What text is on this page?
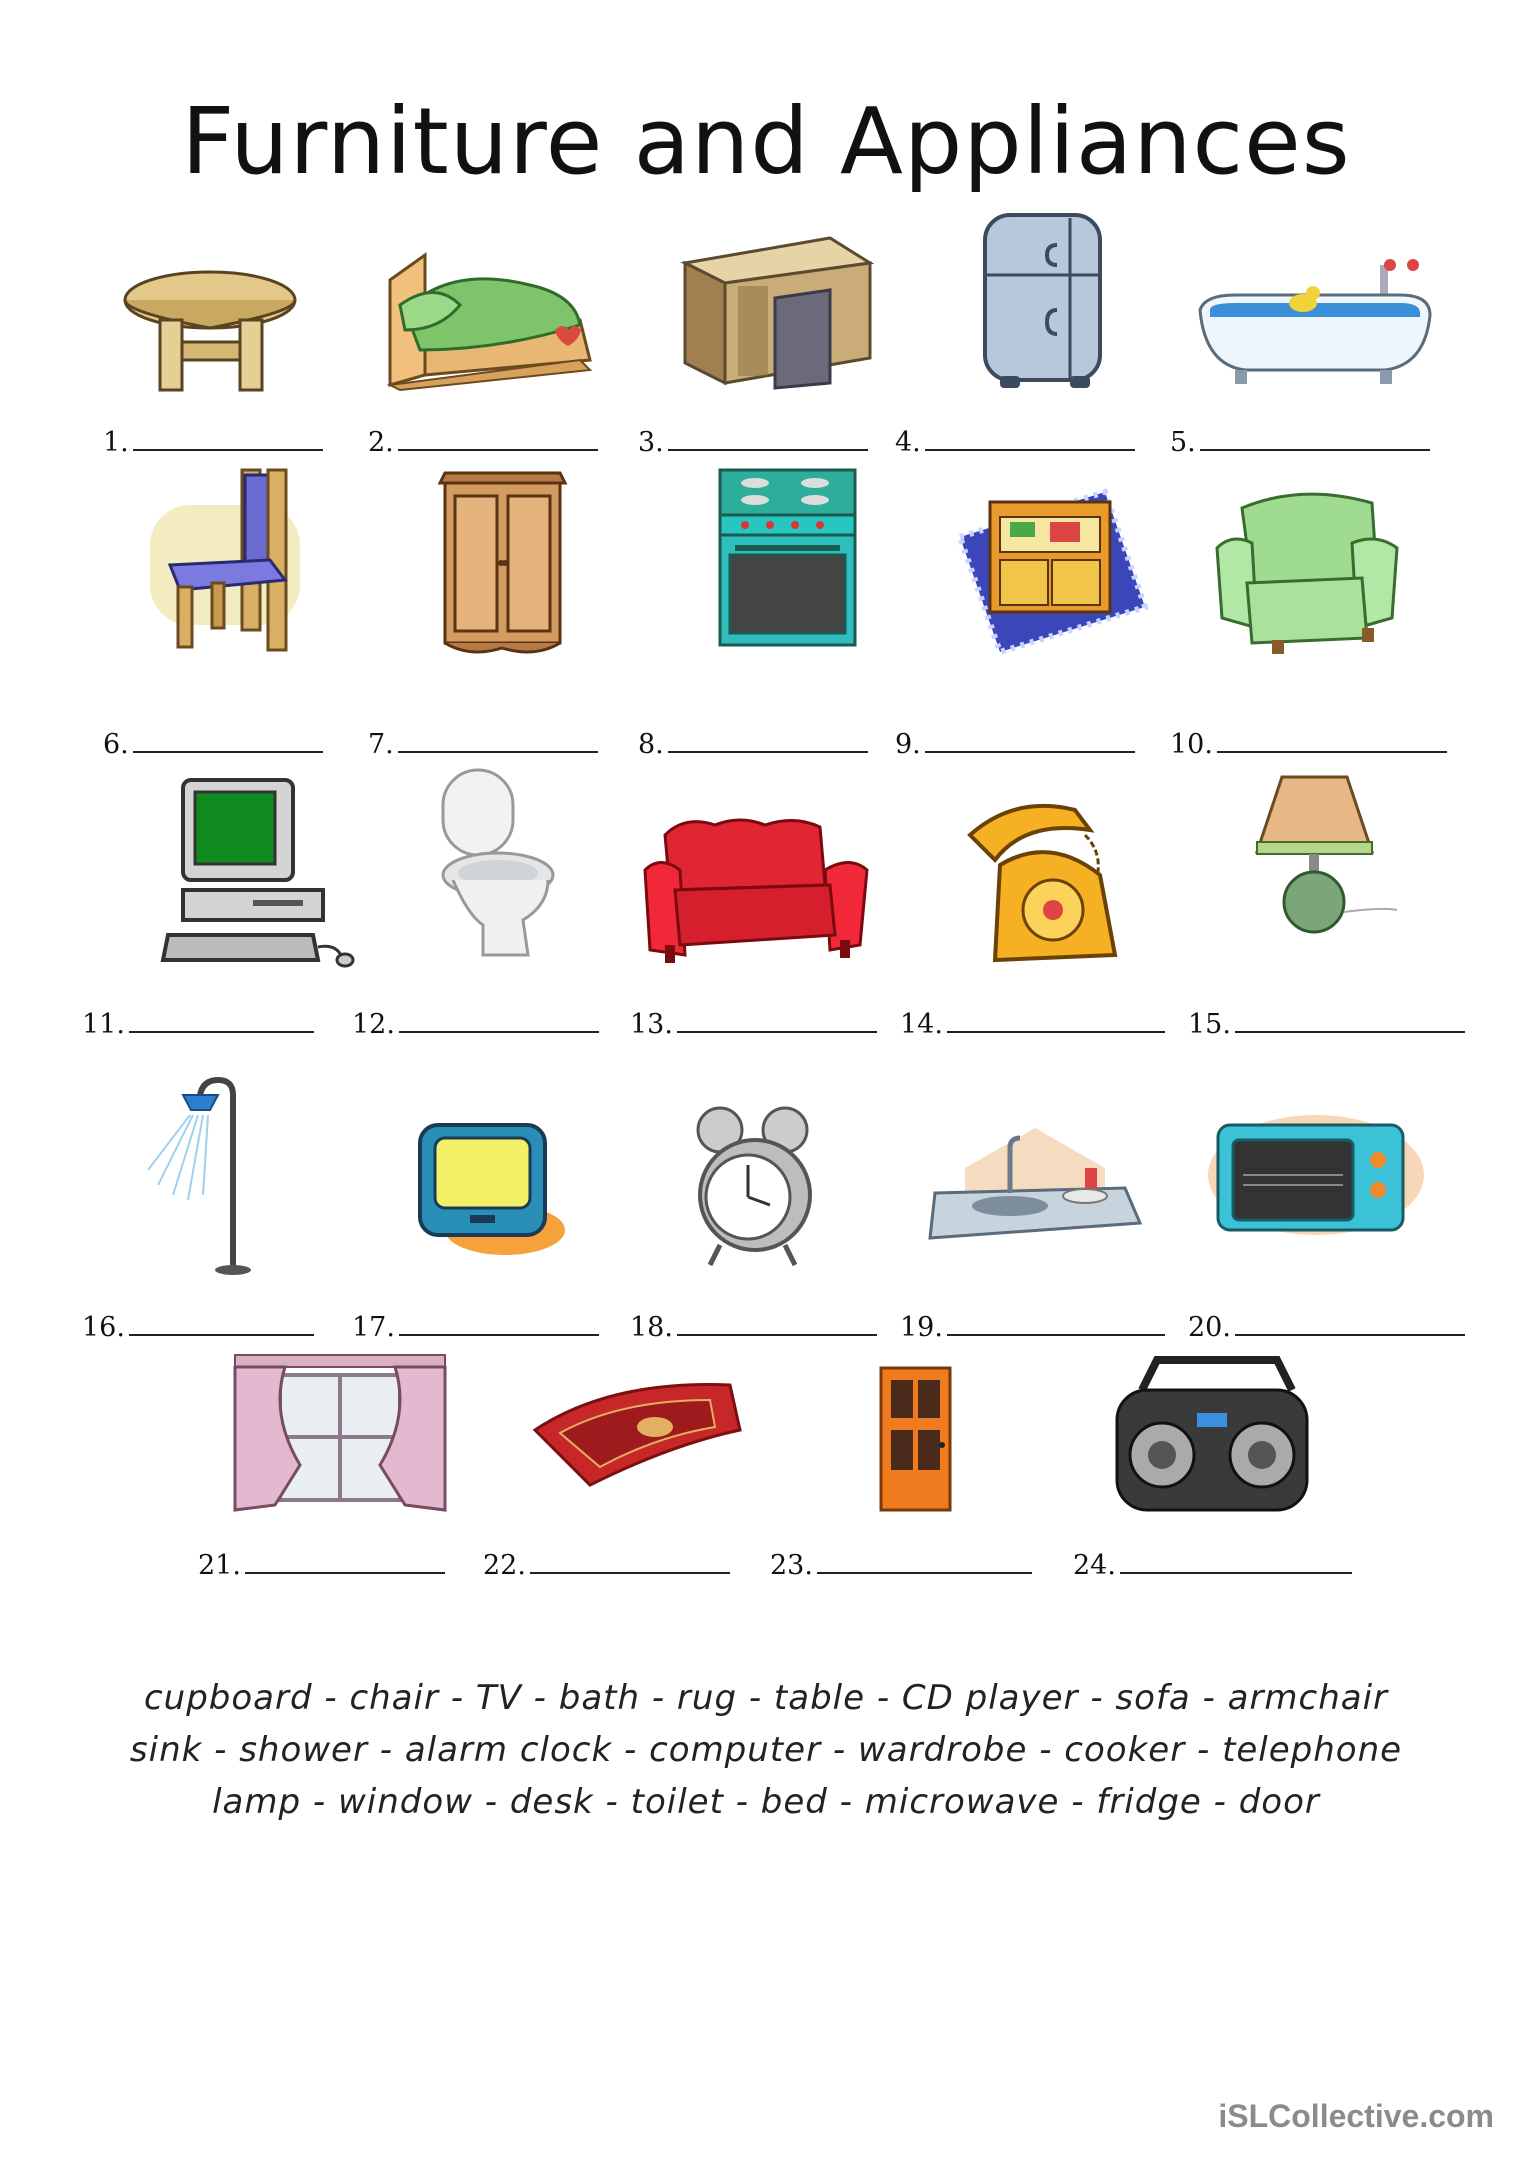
Furniture and Appliances
1.	2.	3.	4.	5.
6.	7.	8.	9.	10.
11.	12.	13.	14.	15.
16.	17.	18.	19.	20.
21.	22.	23.	24.
cupboard - chair - TV - bath - rug - table - CD player - sofa - armchair
sink - shower - alarm clock - computer - wardrobe - cooker - telephone
lamp - window - desk - toilet - bed - microwave - fridge - door
iSLCollective.com
